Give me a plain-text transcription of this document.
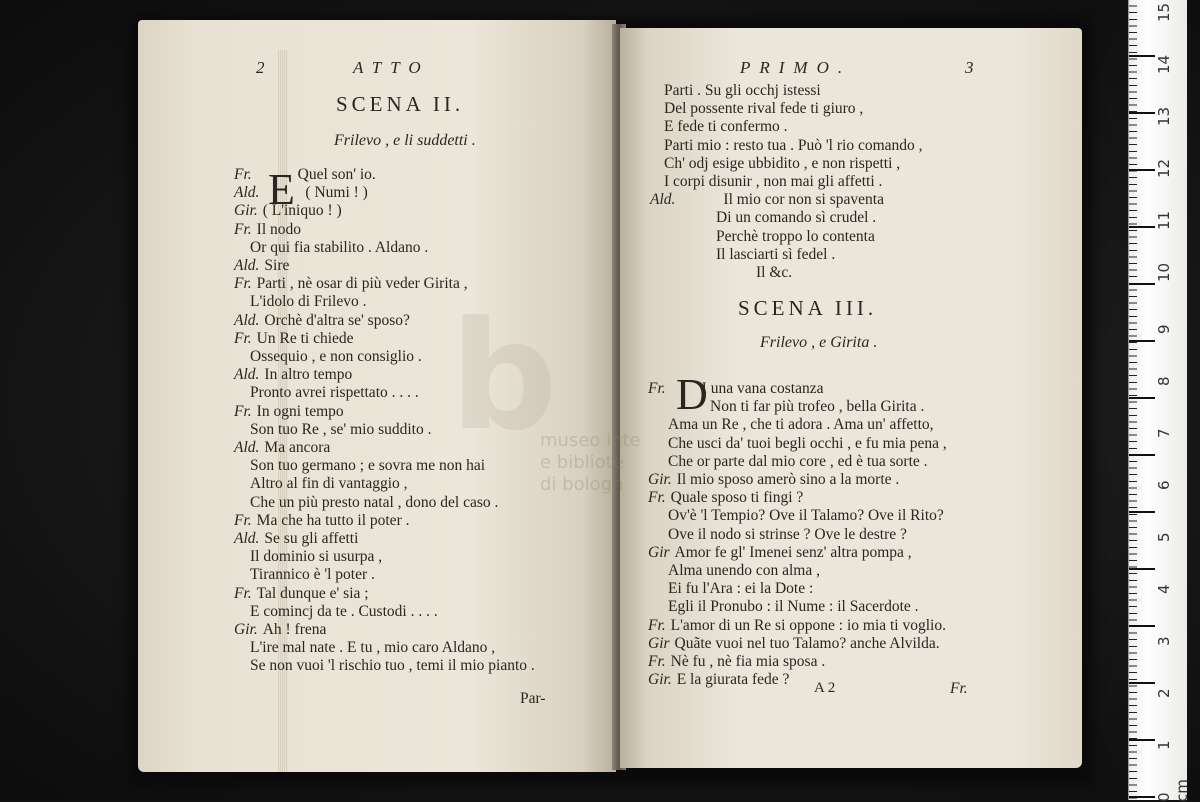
2	ATTO
SCENA II.
Frilevo , e li suddetti .
E
Fr.	Quel son' io.
Ald.	( Numi ! )
Gir. ( L'iniquo ! )
Fr. Il nodo
Or qui fia stabilito . Aldano .
Ald. Sire
Fr. Parti , nè osar di più veder Girita ,
L'idolo di Frilevo .
Ald. Orchè d'altra se' sposo?
Fr. Un Re ti chiede
Ossequio , e non consiglio .
Ald. In altro tempo
Pronto avrei rispettato . . . .
Fr. In ogni tempo
Son tuo Re , se' mio suddito .
Ald. Ma ancora
Son tuo germano ; e sovra me non hai
Altro al fin di vantaggio ,
Che un più presto natal , dono del caso .
Fr. Ma che ha tutto il poter .
Ald. Se su gli affetti
Il dominio si usurpa ,
Tirannico è 'l poter .
Fr. Tal dunque e' sia ;
E comincj da te . Custodi . . . .
Gir. Ah ! frena
L'ire mal nate . E tu , mio caro Aldano ,
Se non vuoi 'l rischio tuo , temi il mio pianto .
Par-
PRIMO.	3
Parti . Su gli occhj istessi
Del possente rival fede ti giuro ,
E fede ti confermo .
Parti mio : resto tua . Può 'l rio comando ,
Ch' odj esige ubbidito , e non rispetti ,
I corpi disunir , non mai gli affetti .
Ald.	Il mio cor non si spaventa
Di un comando sì crudel .
Perchè troppo lo contenta
Il lasciarti sì fedel .
Il &c.
SCENA III.
Frilevo , e Girita .
D
Fr. I una vana costanza
Non ti far più trofeo , bella Girita .
Ama un Re , che ti adora . Ama un' affetto,
Che usci da' tuoi begli occhi , e fu mia pena ,
Che or parte dal mio core , ed è tua sorte .
Gir. Il mio sposo amerò sino a la morte .
Fr. Quale sposo ti fingi ?
Ov'è 'l Tempio? Ove il Talamo? Ove il Rito?
Ove il nodo si strinse ? Ove le destre ?
Gir Amor fe gl' Imenei senz' altra pompa ,
Alma unendo con alma ,
Ei fu l'Ara : ei la Dote :
Egli il Pronubo : il Nume : il Sacerdote .
Fr. L'amor di un Re si oppone : io mia ti voglio.
Gir Quãte vuoi nel tuo Talamo? anche Alvilda.
Fr. Nè fu , nè fia mia sposa .
Gir. E la giurata fede ? A 2	Fr.
b
museo inte
e bibliote
di bologn
15
14
13
12
11
10
9
8
7
6
5
4
3
2
1
0 cm
